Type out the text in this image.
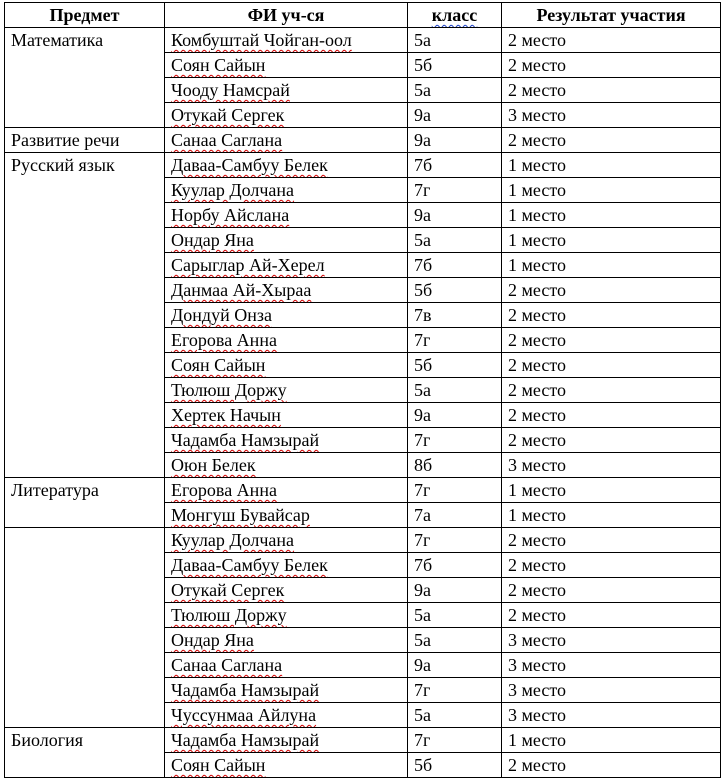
Предмет	ФИ уч-ся	класс	Результат участия
Математика	Комбуштай Чойган-оол	5а	2 место
	Соян Сайын	5б	2 место
	Чооду Намсрай	5а	2 место
	Отукай Сергек	9а	3 место
Развитие речи	Санаа Саглана	9а	2 место
Русский язык	Даваа-Самбуу Белек	7б	1 место
	Куулар Долчана	7г	1 место
	Норбу Айслана	9а	1 место
	Ондар Яна	5а	1 место
	Сарыглар Ай-Херел	7б	1 место
	Данмаа Ай-Хыраа	5б	2 место
	Дондуй Онза	7в	2 место
	Егорова Анна	7г	2 место
	Соян Сайын	5б	2 место
	Тюлюш Доржу	5а	2 место
	Хертек Начын	9а	2 место
	Чадамба Намзырай	7г	2 место
	Оюн Белек	8б	3 место
Литература	Егорова Анна	7г	1 место
	Монгуш Бувайсар	7а	1 место
	Куулар Долчана	7г	2 место
	Даваа-Самбуу Белек	7б	2 место
	Отукай Сергек	9а	2 место
	Тюлюш Доржу	5а	2 место
	Ондар Яна	5а	3 место
	Санаа Саглана	9а	3 место
	Чадамба Намзырай	7г	3 место
	Чуссунмаа Айлуна	5а	3 место
Биология	Чадамба Намзырай	7г	1 место
	Соян Сайын	5б	2 место
